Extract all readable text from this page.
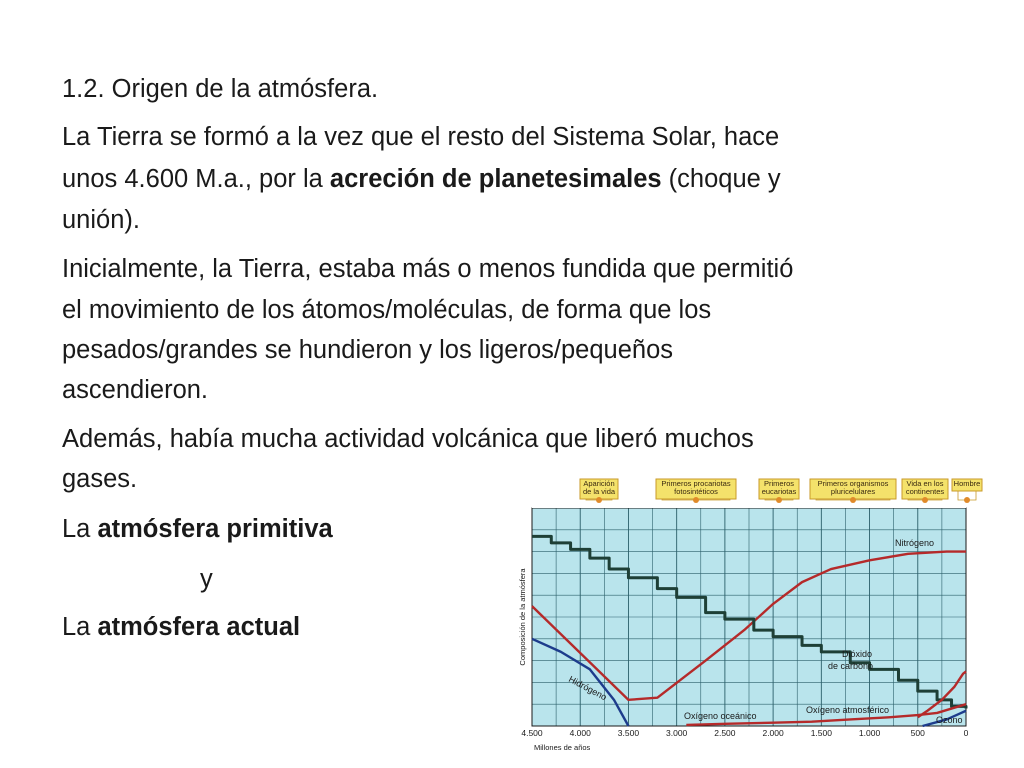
1.2. Origen de la atmósfera.

La Tierra se formó a la vez que el resto del Sistema Solar, hace

unos 4.600 M.a., por la acreción de planetesimales (choque y

unión).

Inicialmente, la Tierra, estaba más o menos fundida que permitió

el movimiento de los átomos/moléculas, de forma que los

pesados/grandes se hundieron y los ligeros/pequeños

ascendieron.

Además, había mucha actividad volcánica que liberó muchos

gases.

La atmósfera primitiva

y

La atmósfera actual

Aparición
de la vida
Primeros procariotas
fotosintéticos
Primeros
eucariotas
Primeros organismos
pluricelulares
Vida en los
continentes
Hombre
Nitrógeno
Dióxido
de carbono
Hidrógeno
Oxígeno oceánico
Oxígeno atmosférico
Ozono
Composición de la atmósfera
4.500	4.000	3.500	3.000	2.500	2.000	1.500	1.000	500	0
Millones de años
